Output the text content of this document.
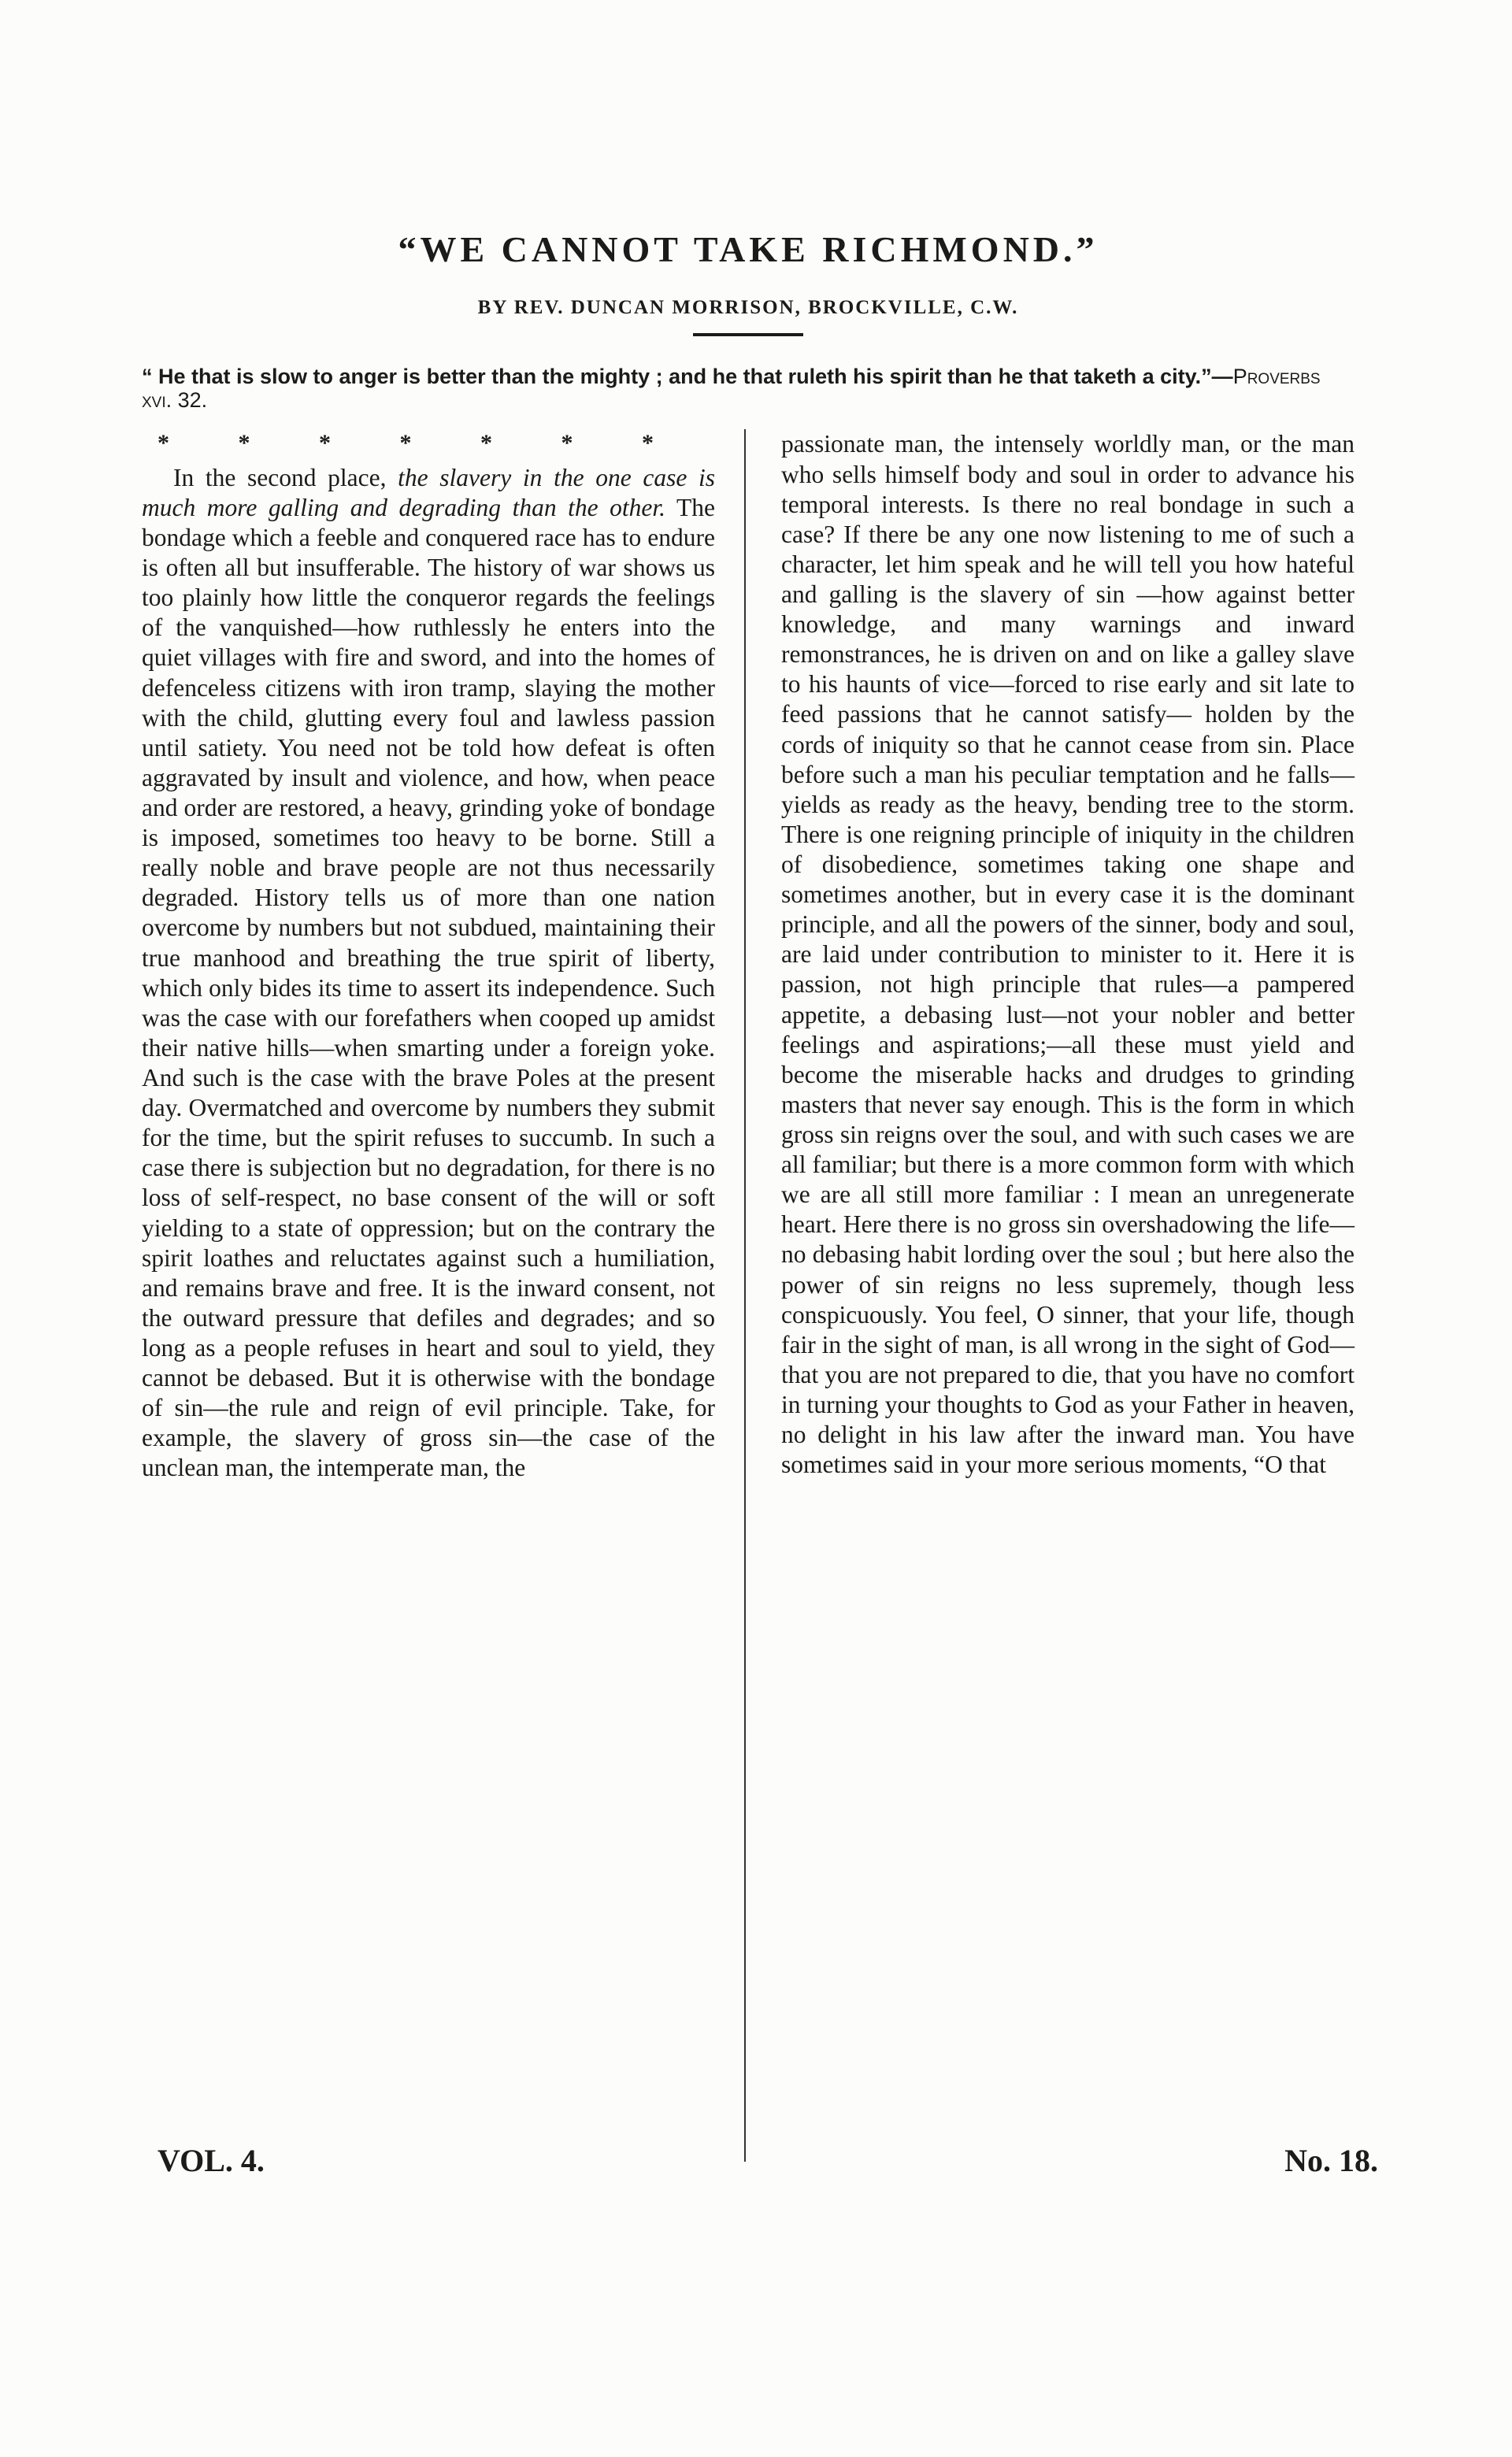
“WE CANNOT TAKE RICHMOND.”
BY REV. DUNCAN MORRISON, BROCKVILLE, C.W.
“ He that is slow to anger is better than the mighty ; and he that ruleth his spirit than he that taketh a city.”—Proverbs xvi. 32.
* * * * * * *

In the second place, the slavery in the one case is much more galling and degrading than the other. The bondage which a feeble and conquered race has to endure is often all but insufferable. The history of war shows us too plainly how little the conqueror regards the feelings of the vanquished—how ruthlessly he enters into the quiet villages with fire and sword, and into the homes of defenceless citizens with iron tramp, slaying the mother with the child, glutting every foul and lawless passion until satiety. You need not be told how defeat is often aggravated by insult and violence, and how, when peace and order are restored, a heavy, grinding yoke of bondage is imposed, sometimes too heavy to be borne. Still a really noble and brave people are not thus necessarily degraded. History tells us of more than one nation overcome by numbers but not subdued, maintaining their true manhood and breathing the true spirit of liberty, which only bides its time to assert its independence. Such was the case with our forefathers when cooped up amidst their native hills—when smarting under a foreign yoke. And such is the case with the brave Poles at the present day. Overmatched and overcome by numbers they submit for the time, but the spirit refuses to succumb. In such a case there is subjection but no degradation, for there is no loss of self-respect, no base consent of the will or soft yielding to a state of oppression; but on the contrary the spirit loathes and reluctates against such a humiliation, and remains brave and free. It is the inward consent, not the outward pressure that defiles and degrades; and so long as a people refuses in heart and soul to yield, they cannot be debased. But it is otherwise with the bondage of sin—the rule and reign of evil principle. Take, for example, the slavery of gross sin—the case of the unclean man, the intemperate man, the

passionate man, the intensely worldly man, or the man who sells himself body and soul in order to advance his temporal interests. Is there no real bondage in such a case? If there be any one now listening to me of such a character, let him speak and he will tell you how hateful and galling is the slavery of sin —how against better knowledge, and many warnings and inward remonstrances, he is driven on and on like a galley slave to his haunts of vice—forced to rise early and sit late to feed passions that he cannot satisfy— holden by the cords of iniquity so that he cannot cease from sin. Place before such a man his peculiar temptation and he falls— yields as ready as the heavy, bending tree to the storm. There is one reigning principle of iniquity in the children of disobedience, sometimes taking one shape and sometimes another, but in every case it is the dominant principle, and all the powers of the sinner, body and soul, are laid under contribution to minister to it. Here it is passion, not high principle that rules—a pampered appetite, a debasing lust—not your nobler and better feelings and aspirations;—all these must yield and become the miserable hacks and drudges to grinding masters that never say enough. This is the form in which gross sin reigns over the soul, and with such cases we are all familiar; but there is a more common form with which we are all still more familiar : I mean an unregenerate heart. Here there is no gross sin overshadowing the life—no debasing habit lording over the soul ; but here also the power of sin reigns no less supremely, though less conspicuously. You feel, O sinner, that your life, though fair in the sight of man, is all wrong in the sight of God—that you are not prepared to die, that you have no comfort in turning your thoughts to God as your Father in heaven, no delight in his law after the inward man. You have sometimes said in your more serious moments, “O that

VOL. 4.	No. 18.
